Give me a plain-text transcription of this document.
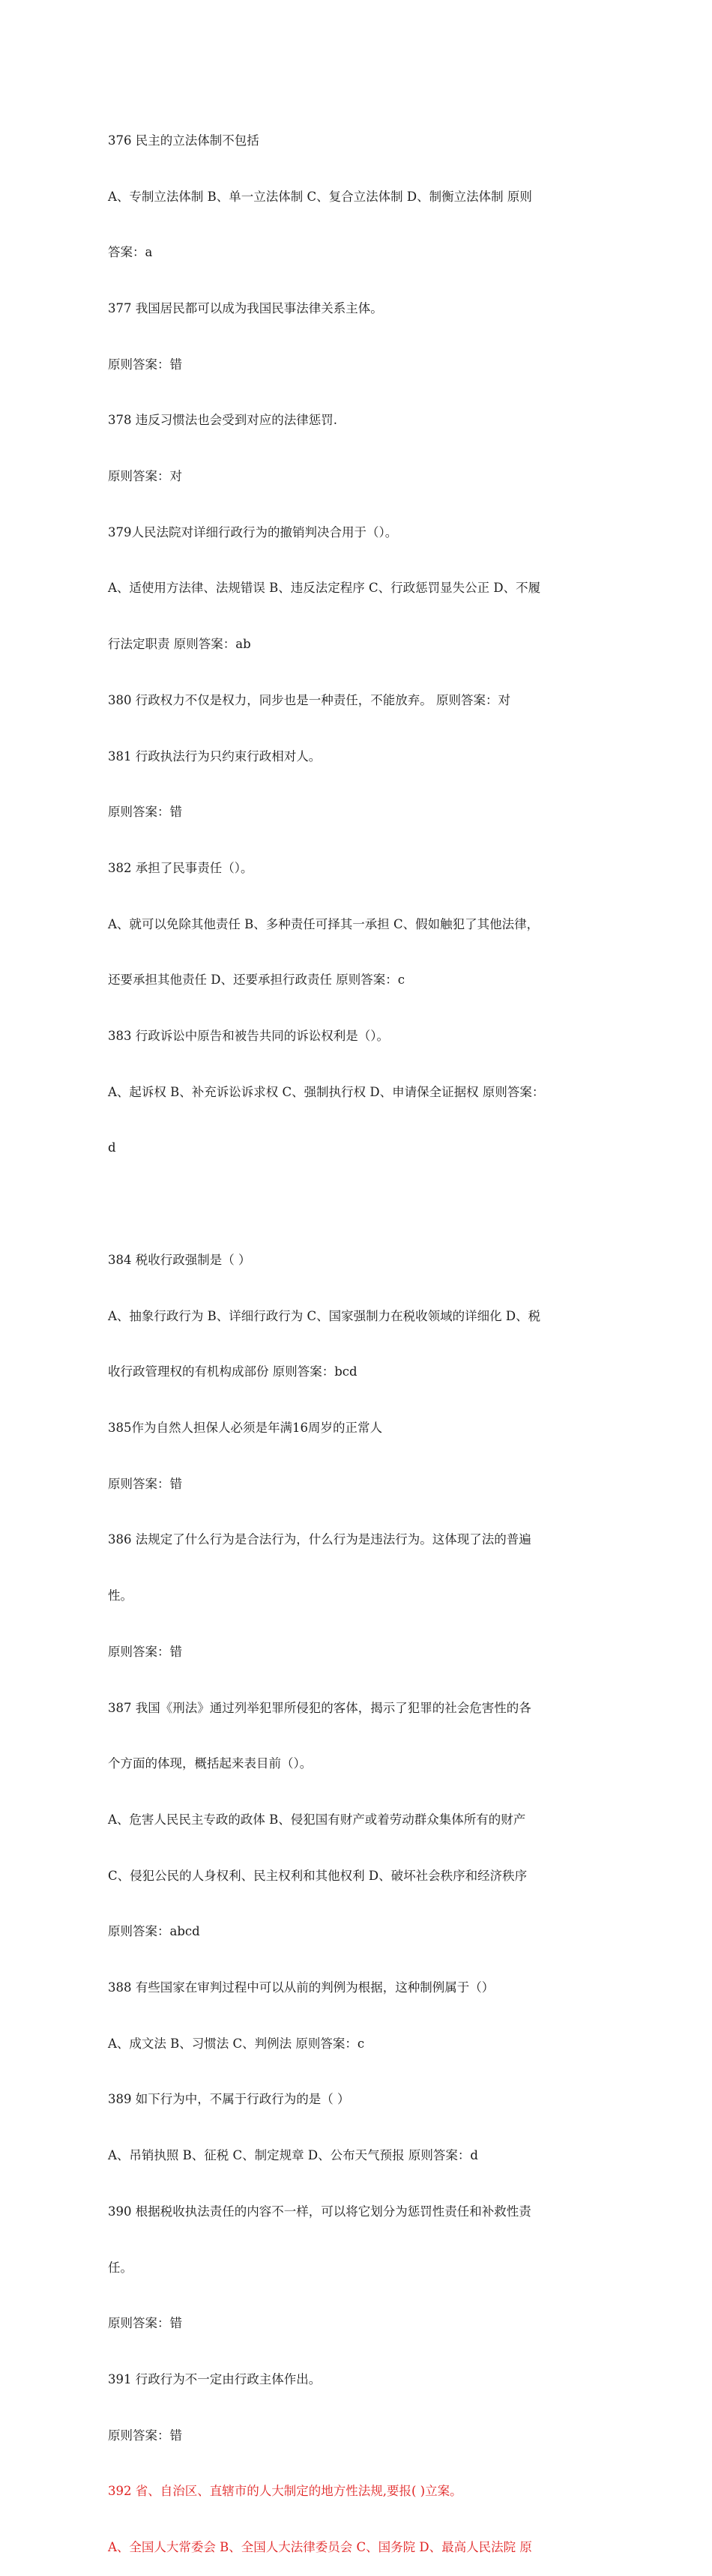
376 民主的立法体制不包括

A、专制立法体制 B、单一立法体制 C、复合立法体制 D、制衡立法体制 原则

答案：a

377 我国居民都可以成为我国民事法律关系主体。

原则答案：错

378 违反习惯法也会受到对应的法律惩罚.

原则答案：对

379人民法院对详细行政行为的撤销判决合用于（）。

A、适使用方法律、法规错误 B、违反法定程序 C、行政惩罚显失公正 D、不履

行法定职责 原则答案：ab

380 行政权力不仅是权力，同步也是一种责任，不能放弃。 原则答案：对

381 行政执法行为只约束行政相对人。

原则答案：错

382 承担了民事责任（）。

A、就可以免除其他责任 B、多种责任可择其一承担 C、假如触犯了其他法律，

还要承担其他责任 D、还要承担行政责任 原则答案：c

383 行政诉讼中原告和被告共同的诉讼权利是（）。

A、起诉权 B、补充诉讼诉求权 C、强制执行权 D、申请保全证据权 原则答案：

d

384 税收行政强制是（ ）

A、抽象行政行为 B、详细行政行为 C、国家强制力在税收领域的详细化 D、税

收行政管理权的有机构成部份 原则答案：bcd

385作为自然人担保人必须是年满16周岁的正常人

原则答案：错

386 法规定了什么行为是合法行为，什么行为是违法行为。这体现了法的普遍

性。

原则答案：错

387 我国《刑法》通过列举犯罪所侵犯的客体，揭示了犯罪的社会危害性的各

个方面的体现，概括起来表目前（）。

A、危害人民民主专政的政体 B、侵犯国有财产或着劳动群众集体所有的财产

C、侵犯公民的人身权利、民主权利和其他权利 D、破坏社会秩序和经济秩序

原则答案：abcd

388 有些国家在审判过程中可以从前的判例为根据，这种制例属于（）

A、成文法 B、习惯法 C、判例法 原则答案：c

389 如下行为中，不属于行政行为的是（ ）

A、吊销执照 B、征税 C、制定规章 D、公布天气预报 原则答案：d

390 根据税收执法责任的内容不一样，可以将它划分为惩罚性责任和补救性责

任。

原则答案：错

391 行政行为不一定由行政主体作出。

原则答案：错

392 省、自治区、直辖市的人大制定的地方性法规,要报( )立案。

A、全国人大常委会 B、全国人大法律委员会 C、国务院 D、最高人民法院 原
